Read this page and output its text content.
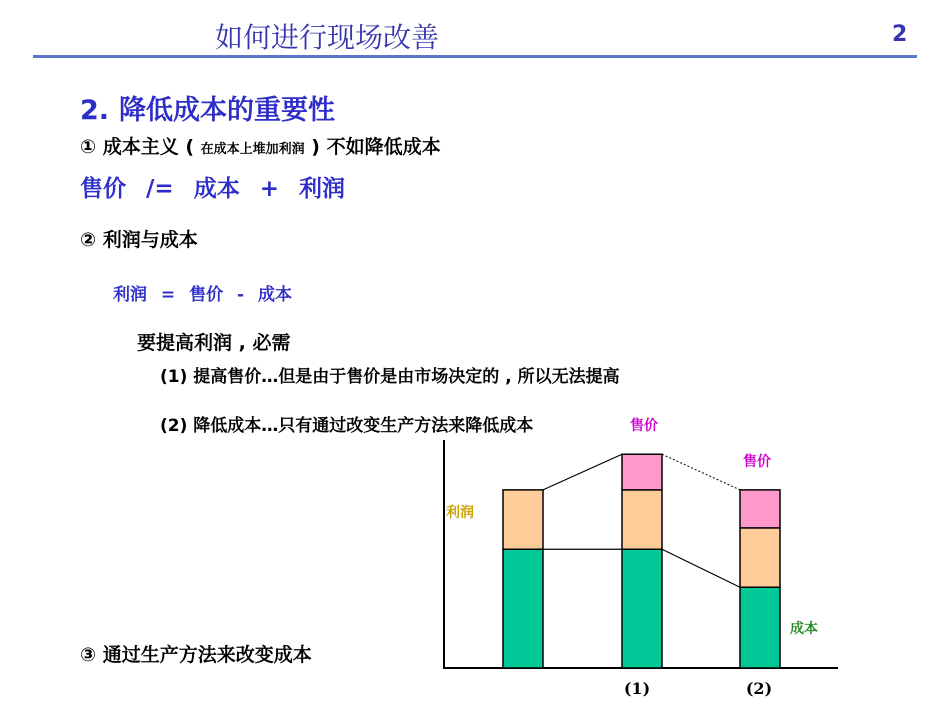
如何进行现场改善	2
2. 降低成本的重要性
① 成本主义 ( 在成本上堆加利润 ) 不如降低成本
售价 /= 成本 + 利润
② 利润与成本
利润 = 售价 - 成本
要提高利润 , 必需
(1) 提高售价…但是由于售价是由市场决定的 , 所以无法提高
(2) 降低成本…只有通过改变生产方法来降低成本
③ 通过生产方法来改变成本
利润
售价
售价
成本
(1)	(2)
